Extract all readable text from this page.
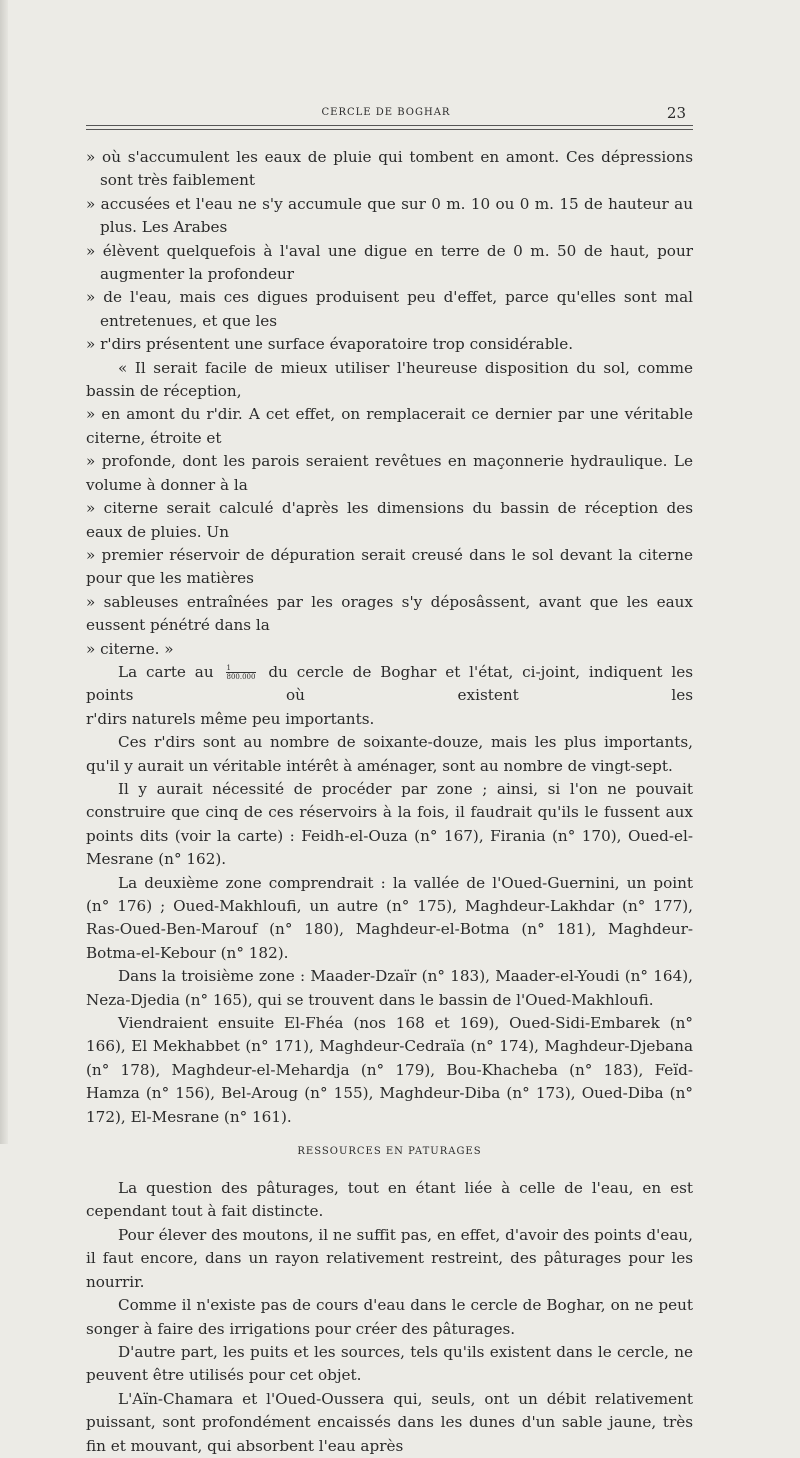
CERCLE DE BOGHAR	23
» où s'accumulent les eaux de pluie qui tombent en amont. Ces dépressions sont très faiblement
» accusées et l'eau ne s'y accumule que sur 0 m. 10 ou 0 m. 15 de hauteur au plus. Les Arabes
» élèvent quelquefois à l'aval une digue en terre de 0 m. 50 de haut, pour augmenter la profondeur
» de l'eau, mais ces digues produisent peu d'effet, parce qu'elles sont mal entretenues, et que les
» r'dirs présentent une surface évaporatoire trop considérable.
« Il serait facile de mieux utiliser l'heureuse disposition du sol, comme bassin de réception,
» en amont du r'dir. A cet effet, on remplacerait ce dernier par une véritable citerne, étroite et
» profonde, dont les parois seraient revêtues en maçonnerie hydraulique. Le volume à donner à la
» citerne serait calculé d'après les dimensions du bassin de réception des eaux de pluies. Un
» premier réservoir de dépuration serait creusé dans le sol devant la citerne pour que les matières
» sableuses entraînées par les orages s'y déposâssent, avant que les eaux eussent pénétré dans la
» citerne. »
La carte au $\frac{1}{800.000}$ du cercle de Boghar et l'état, ci-joint, indiquent les points où existent les
r'dirs naturels même peu importants.

Ces r'dirs sont au nombre de soixante-douze, mais les plus importants, qu'il y aurait un véritable intérêt à aménager, sont au nombre de vingt-sept.

Il y aurait nécessité de procéder par zone ; ainsi, si l'on ne pouvait construire que cinq de ces réservoirs à la fois, il faudrait qu'ils le fussent aux points dits (voir la carte) : Feidh-el-Ouza (n° 167), Firania (n° 170), Oued-el-Mesrane (n° 162).

La deuxième zone comprendrait : la vallée de l'Oued-Guernini, un point (n° 176) ; Oued-Makhloufi, un autre (n° 175), Maghdeur-Lakhdar (n° 177), Ras-Oued-Ben-Marouf (n° 180), Maghdeur-el-Botma (n° 181), Maghdeur-Botma-el-Kebour (n° 182).

Dans la troisième zone : Maader-Dzaïr (n° 183), Maader-el-Youdi (n° 164), Neza-Djedia (n° 165), qui se trouvent dans le bassin de l'Oued-Makhloufi.

Viendraient ensuite El-Fhéa (nos 168 et 169), Oued-Sidi-Embarek (n° 166), El Mekhabbet (n° 171), Maghdeur-Cedraïa (n° 174), Maghdeur-Djebana (n° 178), Maghdeur-el-Mehardja (n° 179), Bou-Khacheba (n° 183), Feïd-Hamza (n° 156), Bel-Aroug (n° 155), Maghdeur-Diba (n° 173), Oued-Diba (n° 172), El-Mesrane (n° 161).

RESSOURCES EN PATURAGES

La question des pâturages, tout en étant liée à celle de l'eau, en est cependant tout à fait distincte.

Pour élever des moutons, il ne suffit pas, en effet, d'avoir des points d'eau, il faut encore, dans un rayon relativement restreint, des pâturages pour les nourrir.

Comme il n'existe pas de cours d'eau dans le cercle de Boghar, on ne peut songer à faire des irrigations pour créer des pâturages.

D'autre part, les puits et les sources, tels qu'ils existent dans le cercle, ne peuvent être utilisés pour cet objet.

L'Aïn-Chamara et l'Oued-Oussera qui, seuls, ont un débit relativement puissant, sont profondément encaissés dans les dunes d'un sable jaune, très fin et mouvant, qui absorbent l'eau après
